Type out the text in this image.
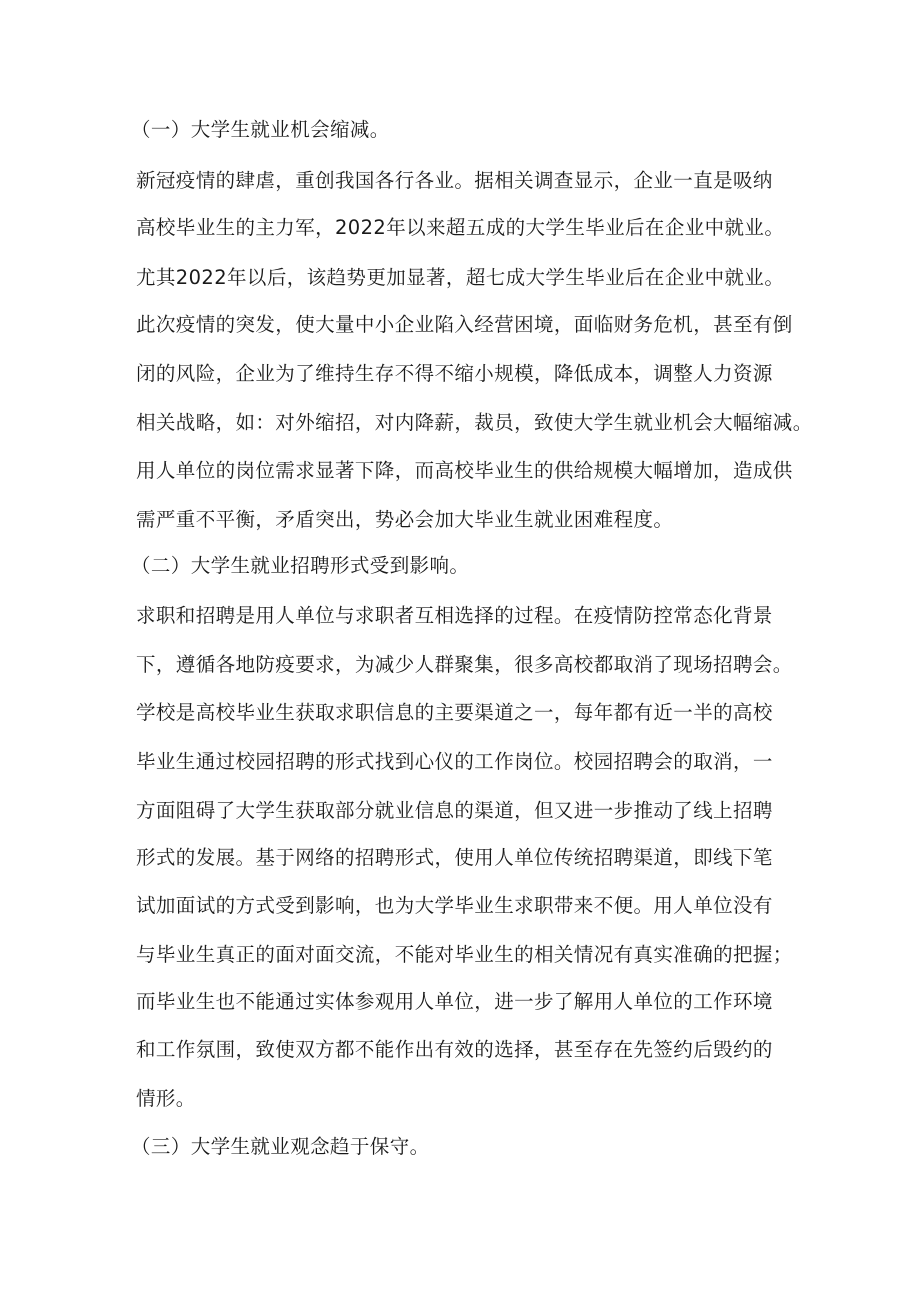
（一）大学生就业机会缩减。
新冠疫情的肆虐，重创我国各行各业。据相关调查显示，企业一直是吸纳
高校毕业生的主力军，2022年以来超五成的大学生毕业后在企业中就业。
尤其2022年以后，该趋势更加显著，超七成大学生毕业后在企业中就业。
此次疫情的突发，使大量中小企业陷入经营困境，面临财务危机，甚至有倒
闭的风险，企业为了维持生存不得不缩小规模，降低成本，调整人力资源
相关战略，如：对外缩招，对内降薪，裁员，致使大学生就业机会大幅缩减。
用人单位的岗位需求显著下降，而高校毕业生的供给规模大幅增加，造成供
需严重不平衡，矛盾突出，势必会加大毕业生就业困难程度。
（二）大学生就业招聘形式受到影响。
求职和招聘是用人单位与求职者互相选择的过程。在疫情防控常态化背景
下，遵循各地防疫要求，为减少人群聚集，很多高校都取消了现场招聘会。
学校是高校毕业生获取求职信息的主要渠道之一，每年都有近一半的高校
毕业生通过校园招聘的形式找到心仪的工作岗位。校园招聘会的取消，一
方面阻碍了大学生获取部分就业信息的渠道，但又进一步推动了线上招聘
形式的发展。基于网络的招聘形式，使用人单位传统招聘渠道，即线下笔
试加面试的方式受到影响，也为大学毕业生求职带来不便。用人单位没有
与毕业生真正的面对面交流，不能对毕业生的相关情况有真实准确的把握；
而毕业生也不能通过实体参观用人单位，进一步了解用人单位的工作环境
和工作氛围，致使双方都不能作出有效的选择，甚至存在先签约后毁约的
情形。
（三）大学生就业观念趋于保守。
